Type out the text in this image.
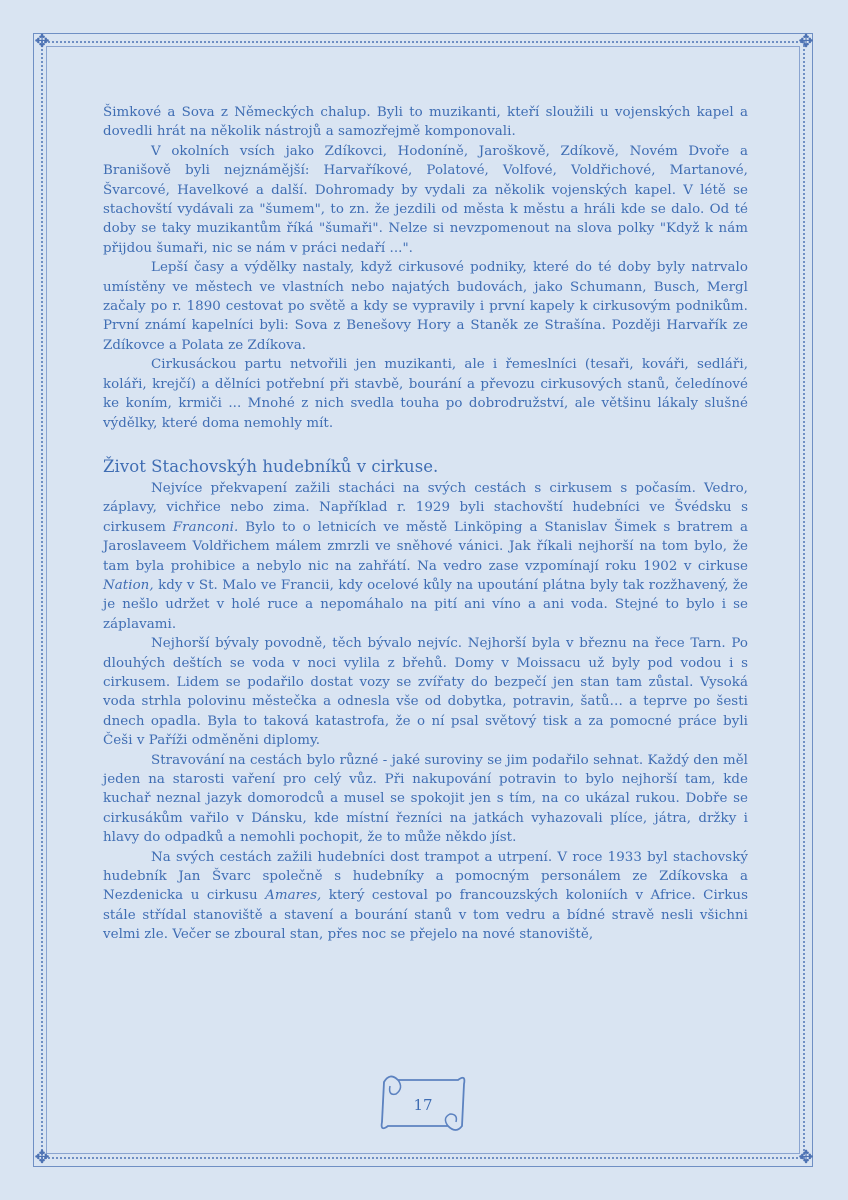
✥	✥
✥	✥

Šimkové a Sova z Německých chalup. Byli to muzikanti, kteří sloužili u vojenských kapel a dovedli hrát na několik nástrojů a samozřejmě komponovali.

V okolních vsích jako Zdíkovci, Hodoníně, Jaroškově, Zdíkově, Novém Dvoře a Branišově byli nejznámější: Harvaříkové, Polatové, Volfové, Voldřichové, Martanové, Švarcové, Havelkové a další. Dohromady by vydali za několik vojenských kapel. V létě se stachovští vydávali za "šumem", to zn. že jezdili od města k městu a hráli kde se dalo. Od té doby se taky muzikantům říká "šumaři". Nelze si nevzpomenout na slova polky "Když k nám přijdou šumaři, nic se nám v práci nedaří ...".

Lepší časy a výdělky nastaly, když cirkusové podniky, které do té doby byly natrvalo umístěny ve městech ve vlastních nebo najatých budovách, jako Schumann, Busch, Mergl začaly po r. 1890 cestovat po světě a kdy se vypravily i první kapely k cirkusovým podnikům. První známí kapelníci byli: Sova z Benešovy Hory a Staněk ze Strašína. Později Harvařík ze Zdíkovce a Polata ze Zdíkova.

Cirkusáckou partu netvořili jen muzikanti, ale i řemeslníci (tesaři, kováři, sedláři, koláři, krejčí) a dělníci potřební při stavbě, bourání a převozu cirkusových stanů, čeledínové ke koním, krmiči ... Mnohé z nich svedla touha po dobrodružství, ale většinu lákaly slušné výdělky, které doma nemohly mít.

Život Stachovskýh hudebníků v cirkuse.

Nejvíce překvapení zažili stacháci na svých cestách s cirkusem s počasím. Vedro, záplavy, vichřice nebo zima. Například r. 1929 byli stachovští hudebníci ve Švédsku s cirkusem Franconi. Bylo to o letnicích ve městě Linköping a Stanislav Šimek s bratrem a Jaroslaveem Voldřichem málem zmrzli ve sněhové vánici. Jak říkali nejhorší na tom bylo, že tam byla prohibice a nebylo nic na zahřátí. Na vedro zase vzpomínají roku 1902 v cirkuse Nation, kdy v St. Malo ve Francii, kdy ocelové kůly na upoutání plátna byly tak rozžhavený, že je nešlo udržet v holé ruce a nepomáhalo na pití ani víno a ani voda. Stejné to bylo i se záplavami.

Nejhorší bývaly povodně, těch bývalo nejvíc. Nejhorší byla v březnu na řece Tarn. Po dlouhých deštích se voda v noci vylila z břehů. Domy v Moissacu už byly pod vodou i s cirkusem. Lidem se podařilo dostat vozy se zvířaty do bezpečí jen stan tam zůstal. Vysoká voda strhla polovinu městečka a odnesla vše od dobytka, potravin, šatů… a teprve po šesti dnech opadla. Byla to taková katastrofa, že o ní psal světový tisk a za pomocné práce byli Češi v Paříži odměněni diplomy.

Stravování na cestách bylo různé - jaké suroviny se jim podařilo sehnat. Každý den měl jeden na starosti vaření pro celý vůz. Při nakupování potravin to bylo nejhorší tam, kde kuchař neznal jazyk domorodců a musel se spokojit jen s tím, na co ukázal rukou. Dobře se cirkusákům vařilo v Dánsku, kde místní řezníci na jatkách vyhazovali plíce, játra, držky i hlavy do odpadků a nemohli pochopit, že to může někdo jíst.

Na svých cestách zažili hudebníci dost trampot a utrpení. V roce 1933 byl stachovský hudebník Jan Švarc společně s hudebníky a pomocným personálem ze Zdíkovska a Nezdenicka u cirkusu Amares, který cestoval po francouzských koloniích v Africe. Cirkus stále střídal stanoviště a stavení a bourání stanů v tom vedru a bídné stravě nesli všichni velmi zle. Večer se zboural stan, přes noc se přejelo na nové stanoviště,

17
